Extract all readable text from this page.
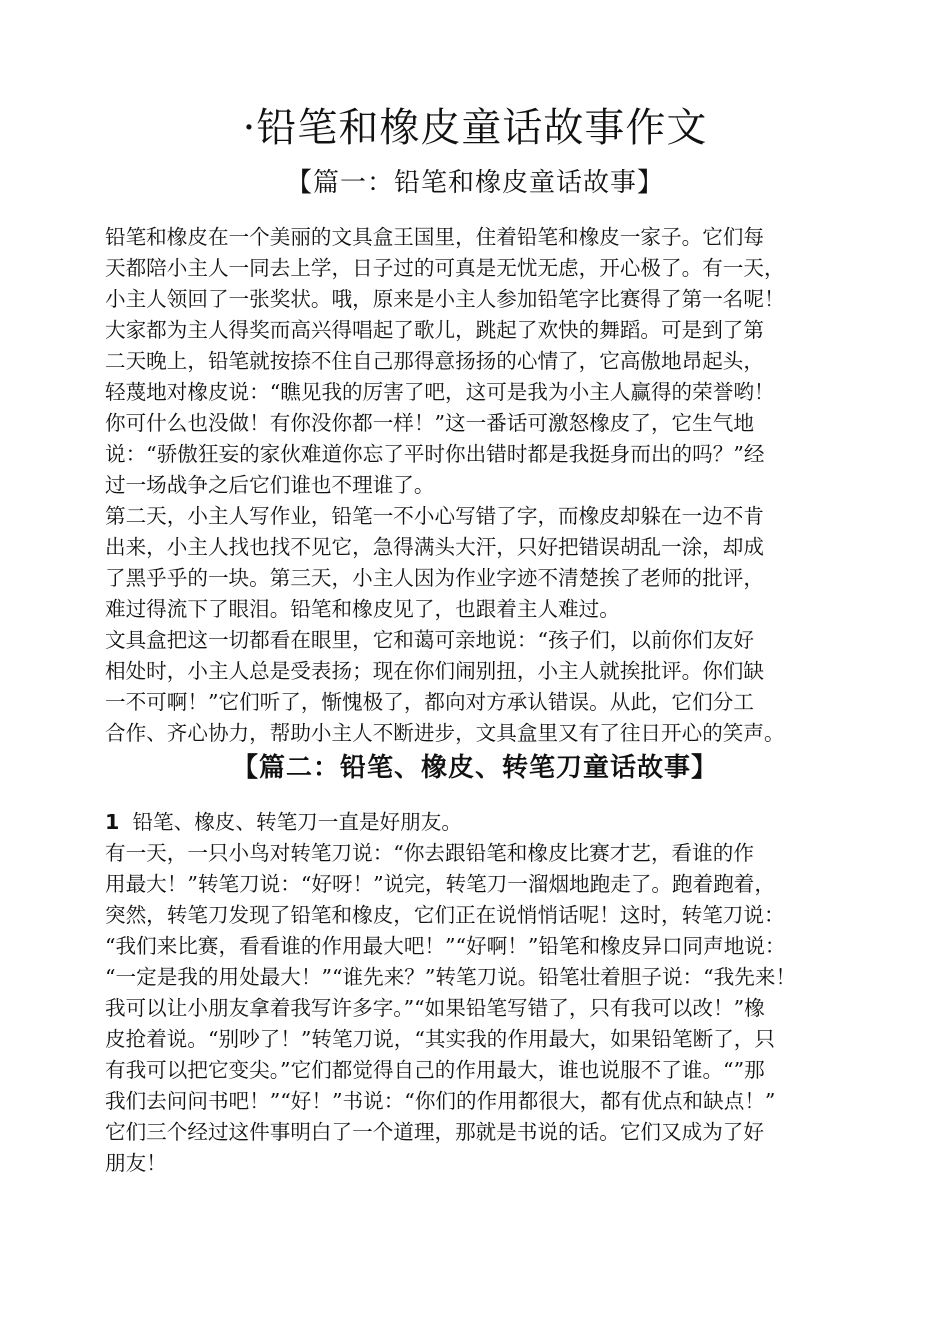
·铅笔和橡皮童话故事作文
【篇一：铅笔和橡皮童话故事】
铅笔和橡皮在一个美丽的文具盒王国里，住着铅笔和橡皮一家子。它们每
天都陪小主人一同去上学，日子过的可真是无忧无虑，开心极了。有一天，
小主人领回了一张奖状。哦，原来是小主人参加铅笔字比赛得了第一名呢！
大家都为主人得奖而高兴得唱起了歌儿，跳起了欢快的舞蹈。可是到了第
二天晚上，铅笔就按捺不住自己那得意扬扬的心情了，它高傲地昂起头，
轻蔑地对橡皮说：“瞧见我的厉害了吧，这可是我为小主人赢得的荣誉哟！
你可什么也没做！有你没你都一样！”这一番话可激怒橡皮了，它生气地
说：“骄傲狂妄的家伙难道你忘了平时你出错时都是我挺身而出的吗？”经
过一场战争之后它们谁也不理谁了。
第二天，小主人写作业，铅笔一不小心写错了字，而橡皮却躲在一边不肯
出来，小主人找也找不见它，急得满头大汗，只好把错误胡乱一涂，却成
了黑乎乎的一块。第三天，小主人因为作业字迹不清楚挨了老师的批评，
难过得流下了眼泪。铅笔和橡皮见了，也跟着主人难过。
文具盒把这一切都看在眼里，它和蔼可亲地说：“孩子们，以前你们友好
相处时，小主人总是受表扬；现在你们闹别扭，小主人就挨批评。你们缺
一不可啊！”它们听了，惭愧极了，都向对方承认错误。从此，它们分工
合作、齐心协力，帮助小主人不断进步，文具盒里又有了往日开心的笑声。
【篇二：铅笔、橡皮、转笔刀童话故事】
1 铅笔、橡皮、转笔刀一直是好朋友。
有一天，一只小鸟对转笔刀说：“你去跟铅笔和橡皮比赛才艺，看谁的作
用最大！”转笔刀说：“好呀！”说完，转笔刀一溜烟地跑走了。跑着跑着，
突然，转笔刀发现了铅笔和橡皮，它们正在说悄悄话呢！这时，转笔刀说：
“我们来比赛，看看谁的作用最大吧！”“好啊！”铅笔和橡皮异口同声地说：
“一定是我的用处最大！”“谁先来？”转笔刀说。铅笔壮着胆子说：“我先来！
我可以让小朋友拿着我写许多字。”“如果铅笔写错了，只有我可以改！”橡
皮抢着说。“别吵了！”转笔刀说，“其实我的作用最大，如果铅笔断了，只
有我可以把它变尖。”它们都觉得自己的作用最大，谁也说服不了谁。“”那
我们去问问书吧！”“好！”书说：“你们的作用都很大，都有优点和缺点！”
它们三个经过这件事明白了一个道理，那就是书说的话。它们又成为了好
朋友！
